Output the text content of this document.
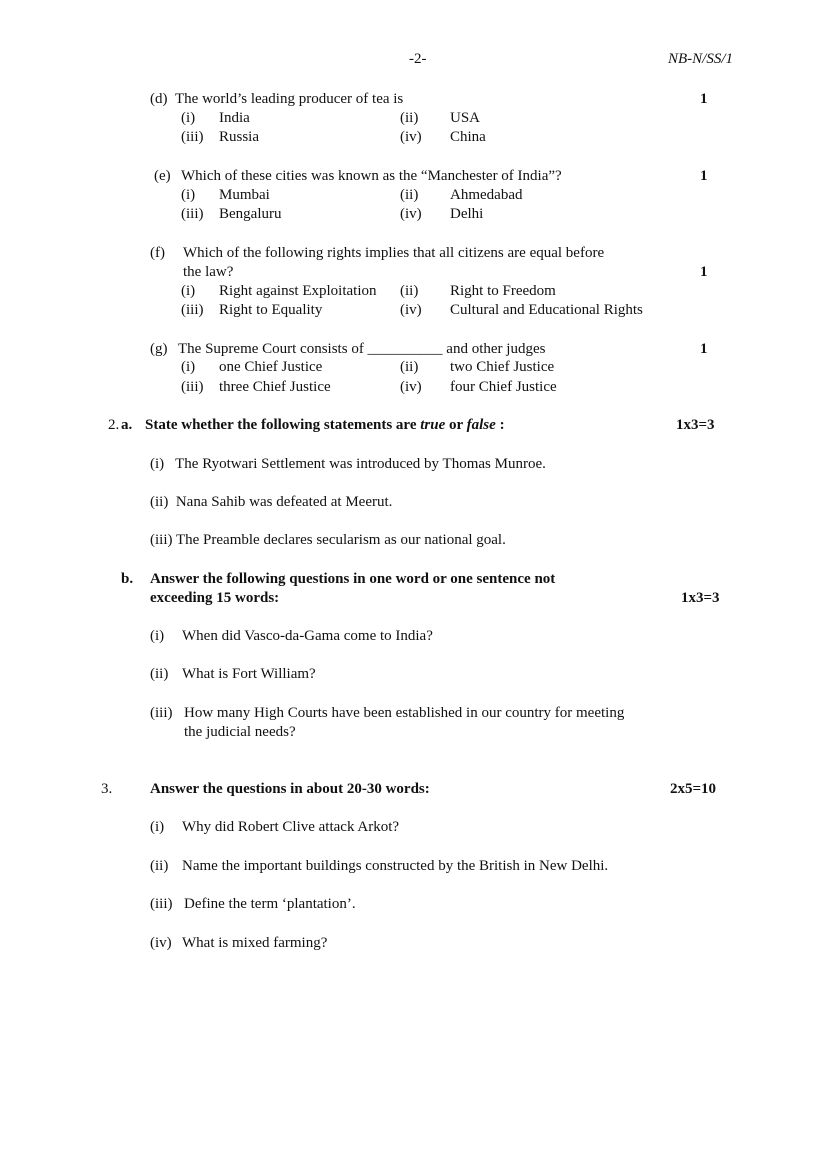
-2-	NB-N/SS/1
(d) The world’s leading producer of tea is	1
(i) India	(ii) USA
(iii) Russia	(iv) China
(e) Which of these cities was known as the “Manchester of India”?	1
(i) Mumbai	(ii) Ahmedabad
(iii) Bengaluru	(iv) Delhi
(f) Which of the following rights implies that all citizens are equal before
the law?	1
(i) Right against Exploitation (ii) Right to Freedom
(iii) Right to Equality	(iv) Cultural and Educational Rights
(g) The Supreme Court consists of __________ and other judges	1
(i) one Chief Justice	(ii) two Chief Justice
(iii) three Chief Justice	(iv) four Chief Justice
2. a. State whether the following statements are true or false :	1x3=3
(i)   The Ryotwari Settlement was introduced by Thomas Munroe.
(ii)  Nana Sahib was defeated at Meerut.
(iii) The Preamble declares secularism as our national goal.
b. Answer the following questions in one word or one sentence not
exceeding 15 words:	1x3=3
(i) When did Vasco-da-Gama come to India?
(ii) What is Fort William?
(iii) How many High Courts have been established in our country for meeting
the judicial needs?
3.	Answer the questions in about 20-30 words:	2x5=10
(i) Why did Robert Clive attack Arkot?
(ii) Name the important buildings constructed by the British in New Delhi.
(iii) Define the term ‘plantation’.
(iv) What is mixed farming?
